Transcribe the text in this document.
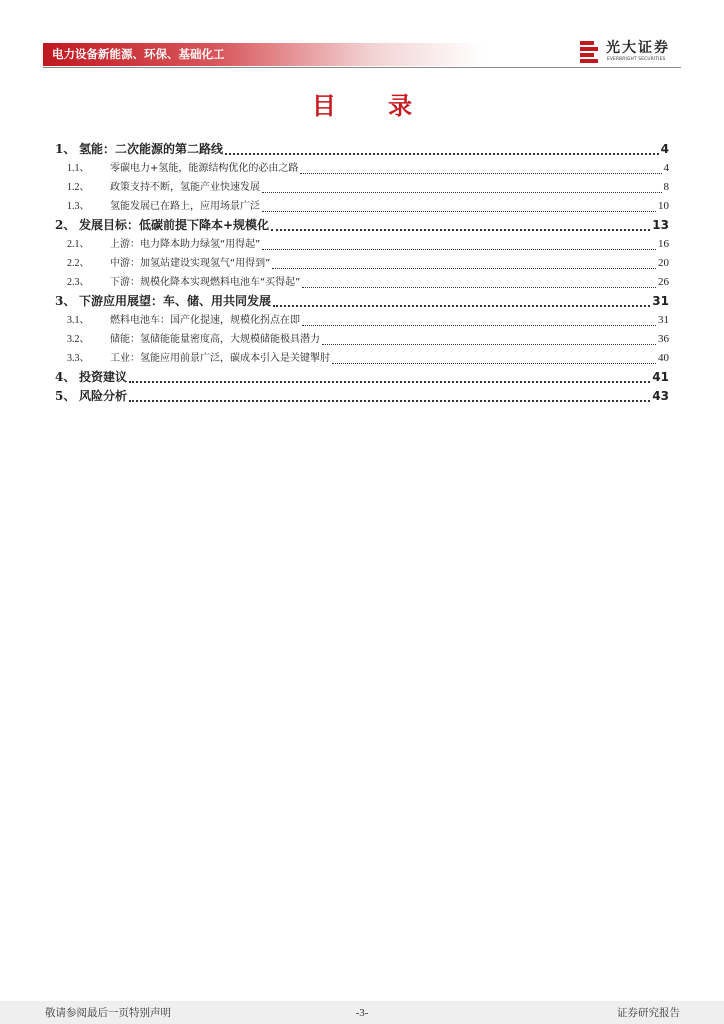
电力设备新能源、环保、基础化工	光大证券
EVERBRIGHT SECURITIES
目 录
1、 氢能：二次能源的第二路线	4
1.1、	零碳电力+氢能，能源结构优化的必由之路	4
1.2、	政策支持不断，氢能产业快速发展	8
1.3、	氢能发展已在路上，应用场景广泛	10
2、 发展目标：低碳前提下降本+规模化	13
2.1、	上游：电力降本助力绿氢“用得起”	16
2.2、	中游：加氢站建设实现氢气“用得到”	20
2.3、	下游：规模化降本实现燃料电池车“买得起”	26
3、 下游应用展望：车、储、用共同发展	31
3.1、	燃料电池车：国产化提速，规模化拐点在即	31
3.2、	储能：氢储能能量密度高，大规模储能极具潜力	36
3.3、	工业：氢能应用前景广泛，碳成本引入是关键掣肘	40
4、 投资建议	41
5、 风险分析	43
敬请参阅最后一页特别声明	-3-	证券研究报告
